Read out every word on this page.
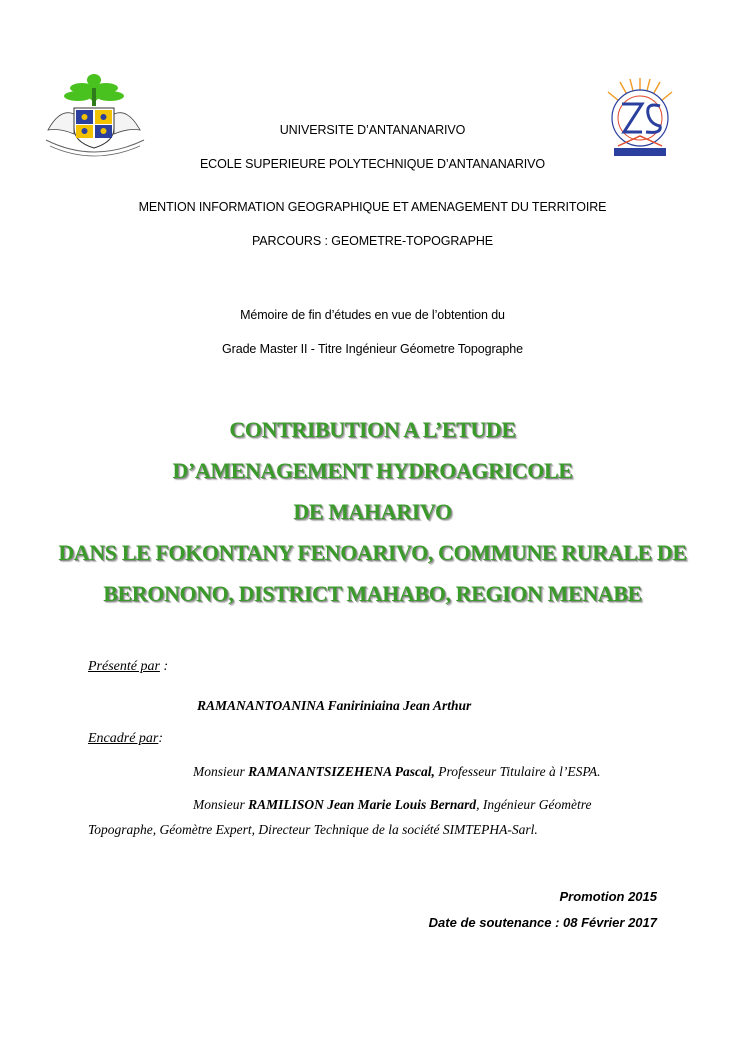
UNIVERSITE D’ANTANANARIVO
ECOLE SUPERIEURE POLYTECHNIQUE D’ANTANANARIVO
MENTION INFORMATION GEOGRAPHIQUE ET AMENAGEMENT DU TERRITOIRE
PARCOURS : GEOMETRE-TOPOGRAPHE
Mémoire de fin d’études en vue de l’obtention du
Grade Master II - Titre Ingénieur Géometre Topographe
CONTRIBUTION A L’ETUDE
D’AMENAGEMENT HYDROAGRICOLE
DE MAHARIVO
DANS LE FOKONTANY FENOARIVO, COMMUNE RURALE DE
BERONONO, DISTRICT MAHABO, REGION MENABE
Présenté par :
RAMANANTOANINA Faniriniaina Jean Arthur
Encadré par:
Monsieur RAMANANTSIZEHENA Pascal, Professeur Titulaire à l’ESPA.
Monsieur RAMILISON Jean Marie Louis Bernard, Ingénieur Géomètre
Topographe, Géomètre Expert, Directeur Technique de la société SIMTEPHA-Sarl.
Promotion 2015
Date de soutenance : 08 Février 2017
